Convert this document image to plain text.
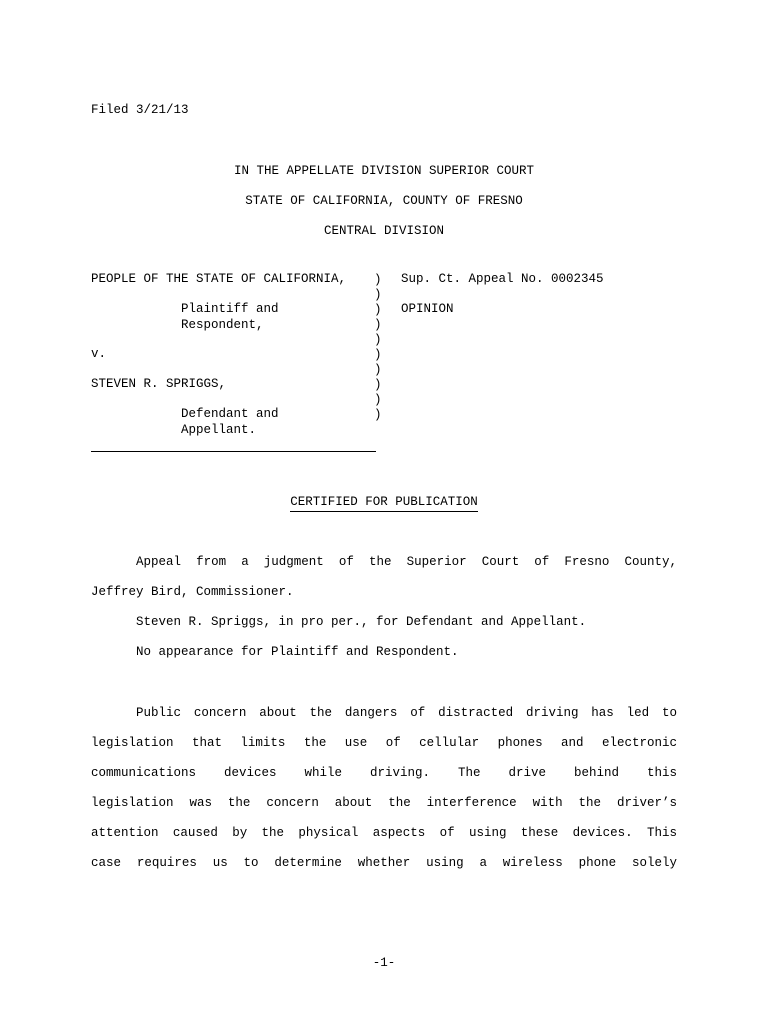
Filed 3/21/13
IN THE APPELLATE DIVISION SUPERIOR COURT
STATE OF CALIFORNIA, COUNTY OF FRESNO
CENTRAL DIVISION
PEOPLE OF THE STATE OF CALIFORNIA,
Plaintiff and
Respondent,
v.
STEVEN R. SPRIGGS,
Defendant and
Appellant.
)
)
)
)
)
)
)
)
)
)
Sup. Ct. Appeal No. 0002345
OPINION
CERTIFIED FOR PUBLICATION
Appeal from a judgment of the Superior Court of Fresno County,
Jeffrey Bird, Commissioner.
Steven R. Spriggs, in pro per., for Defendant and Appellant.
No appearance for Plaintiff and Respondent.
Public concern about the dangers of distracted driving has led to
legislation that limits the use of cellular phones and electronic
communications devices while driving. The drive behind this
legislation was the concern about the interference with the driver’s
attention caused by the physical aspects of using these devices. This
case requires us to determine whether using a wireless phone solely
-1-
